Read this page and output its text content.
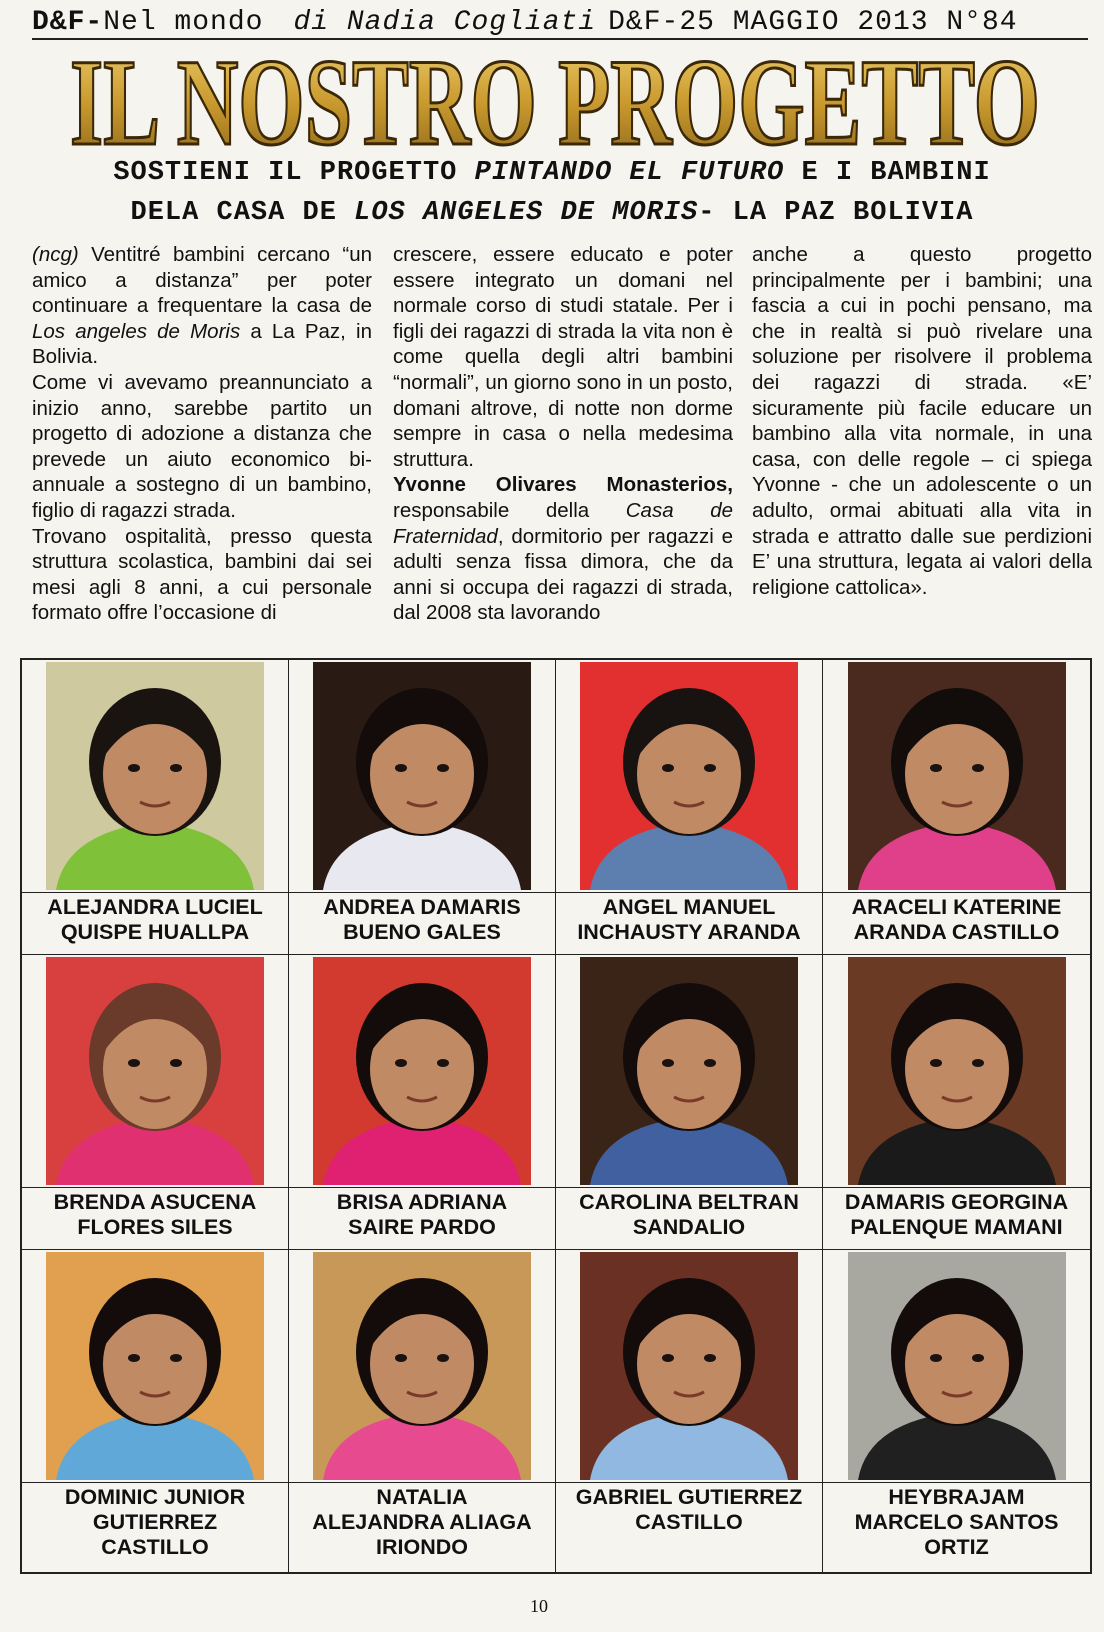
D&F- Nel mondo di Nadia Cogliati D&F-25 MAGGIO 2013 N°84
IL NOSTRO PROGETTO
SOSTIENI IL PROGETTO PINTANDO EL FUTURO E I BAMBINI
DELA CASA DE LOS ANGELES DE MORIS- LA PAZ BOLIVIA

(ncg) Ventitré bambini cercano “un amico a distanza” per poter continuare a frequentare la casa de Los angeles de Moris a La Paz, in Bolivia.

Come vi avevamo preannunciato a inizio anno, sarebbe partito un progetto di adozione a distanza che prevede un aiuto economico bi-annuale a sostegno di un bambino, figlio di ragazzi strada.

Trovano ospitalità, presso questa struttura scolastica, bambini dai sei mesi agli 8 anni, a cui personale formato offre l’occasione di

crescere, essere educato e poter essere integrato un domani nel normale corso di studi statale. Per i figli dei ragazzi di strada la vita non è come quella degli altri bambini “normali”, un giorno sono in un posto, domani altrove, di notte non dorme sempre in casa o nella medesima struttura.

Yvonne Olivares Monasterios, responsabile della Casa de Fraternidad, dormitorio per ragazzi e adulti senza fissa dimora, che da anni si occupa dei ragazzi di strada, dal 2008 sta lavorando

anche a questo progetto principalmente per i bambini; una fascia a cui in pochi pensano, ma che in realtà si può rivelare una soluzione per risolvere il problema dei ragazzi di strada. «E’ sicuramente più facile educare un bambino alla vita normale, in una casa, con delle regole – ci spiega Yvonne - che un adolescente o un adulto, ormai abituati alla vita in strada e attratto dalle sue perdizioni E’ una struttura, legata ai valori della religione cattolica».

ALEJANDRA LUCIEL
QUISPE HUALLPA
ANDREA DAMARIS
BUENO GALES
ANGEL MANUEL
INCHAUSTY ARANDA
ARACELI KATERINE
ARANDA CASTILLO
BRENDA ASUCENA
FLORES SILES
BRISA ADRIANA
SAIRE PARDO
CAROLINA BELTRAN
SANDALIO
DAMARIS GEORGINA
PALENQUE MAMANI
DOMINIC JUNIOR
GUTIERREZ
CASTILLO
NATALIA
ALEJANDRA ALIAGA
IRIONDO
GABRIEL GUTIERREZ
CASTILLO
HEYBRAJAM
MARCELO SANTOS
ORTIZ
10
